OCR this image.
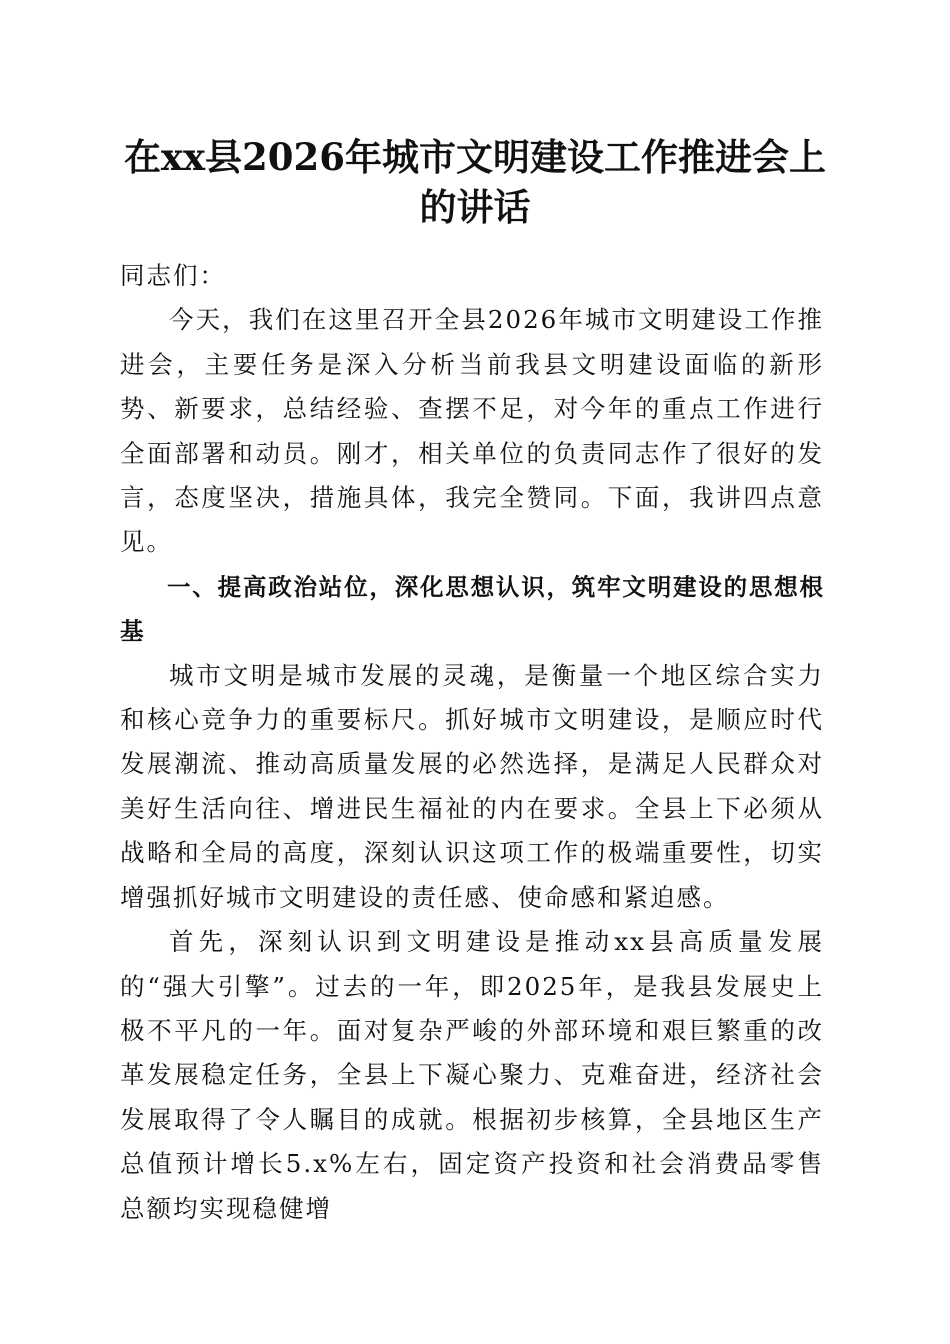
在xx县2026年城市文明建设工作推进会上的讲话

同志们：

今天，我们在这里召开全县2026年城市文明建设工作推进会，主要任务是深入分析当前我县文明建设面临的新形势、新要求，总结经验、查摆不足，对今年的重点工作进行全面部署和动员。刚才，相关单位的负责同志作了很好的发言，态度坚决，措施具体，我完全赞同。下面，我讲四点意见。

一、提高政治站位，深化思想认识，筑牢文明建设的思想根基

城市文明是城市发展的灵魂，是衡量一个地区综合实力和核心竞争力的重要标尺。抓好城市文明建设，是顺应时代发展潮流、推动高质量发展的必然选择，是满足人民群众对美好生活向往、增进民生福祉的内在要求。全县上下必须从战略和全局的高度，深刻认识这项工作的极端重要性，切实增强抓好城市文明建设的责任感、使命感和紧迫感。

首先，深刻认识到文明建设是推动xx县高质量发展的“强大引擎”。过去的一年，即2025年，是我县发展史上极不平凡的一年。面对复杂严峻的外部环境和艰巨繁重的改革发展稳定任务，全县上下凝心聚力、克难奋进，经济社会发展取得了令人瞩目的成就。根据初步核算，全县地区生产总值预计增长5.x%左右，固定资产投资和社会消费品零售总额均实现稳健增
